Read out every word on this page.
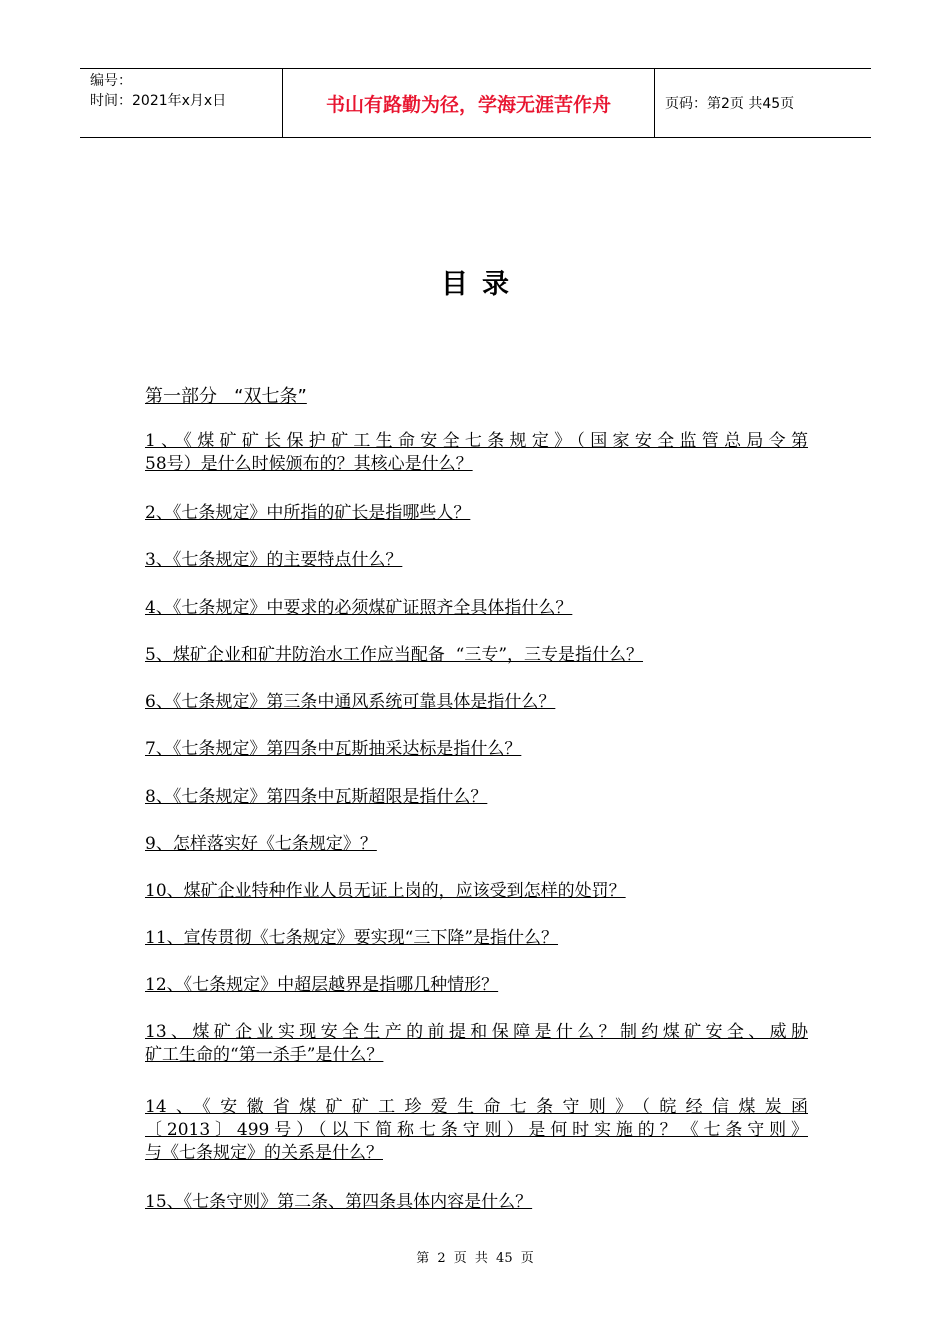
编号：
时间：2021年x月x日	书山有路勤为径，学海无涯苦作舟	页码：第2页 共45页
目录
第一部分   “双七条”
1、《煤矿矿长保护矿工生命安全七条规定》（国家安全监管总局令第
58号）是什么时候颁布的？其核心是什么？
2、《七条规定》中所指的矿长是指哪些人？
3、《七条规定》的主要特点什么？
4、《七条规定》中要求的必须煤矿证照齐全具体指什么？
5、煤矿企业和矿井防治水工作应当配备  “三专”，三专是指什么？
6、《七条规定》第三条中通风系统可靠具体是指什么？
7、《七条规定》第四条中瓦斯抽采达标是指什么？
8、《七条规定》第四条中瓦斯超限是指什么？
9、怎样落实好《七条规定》？
10、煤矿企业特种作业人员无证上岗的，应该受到怎样的处罚？
11、宣传贯彻《七条规定》要实现“三下降”是指什么？
12、《七条规定》中超层越界是指哪几种情形？
13、煤矿企业实现安全生产的前提和保障是什么？制约煤矿安全、威胁
矿工生命的“第一杀手”是什么？
14、《安徽省煤矿矿工珍爱生命七条守则》（皖经信煤炭函
〔2013〕499号）（以下简称七条守则）是何时实施的？《七条守则》
与《七条规定》的关系是什么？
15、《七条守则》第二条、第四条具体内容是什么？
第 2 页 共 45 页
